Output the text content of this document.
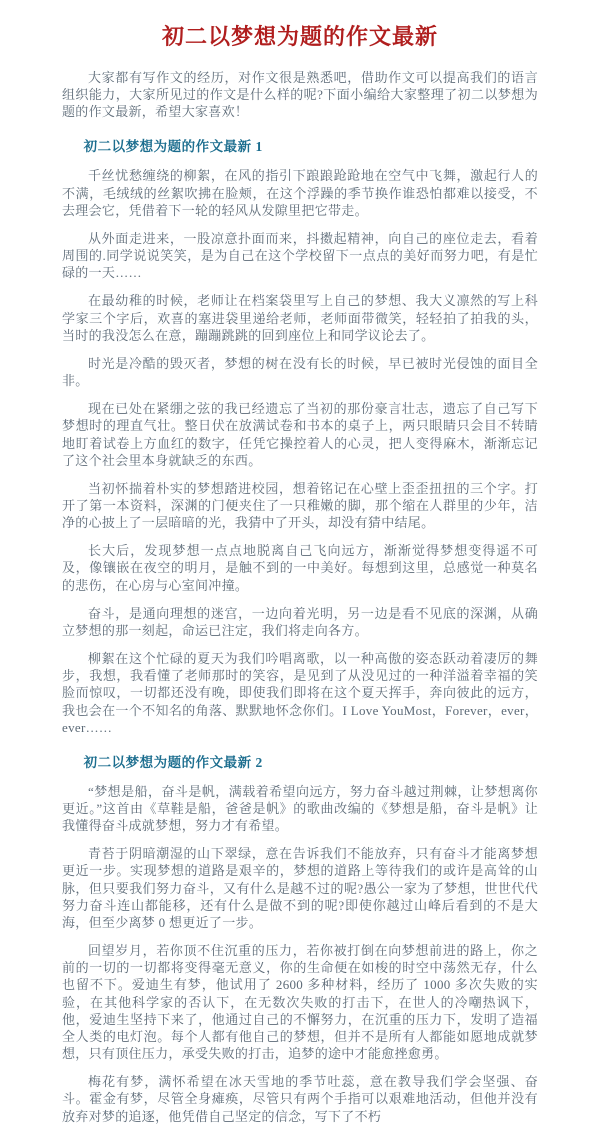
初二以梦想为题的作文最新

大家都有写作文的经历，对作文很是熟悉吧，借助作文可以提高我们的语言组织能力，大家所见过的作文是什么样的呢?下面小编给大家整理了初二以梦想为题的作文最新，希望大家喜欢！

初二以梦想为题的作文最新 1

千丝忧愁缠绕的柳絮，在风的指引下踉踉跄跄地在空气中飞舞，激起行人的不满，毛绒绒的丝絮吹拂在脸颊，在这个浮躁的季节换作谁恐怕都难以接受，不去理会它，凭借着下一轮的轻风从发隙里把它带走。

从外面走进来，一股凉意扑面而来，抖擞起精神，向自己的座位走去，看着周围的.同学说说笑笑，是为自己在这个学校留下一点点的美好而努力吧，有是忙碌的一天……

在最幼稚的时候，老师让在档案袋里写上自己的梦想、我大义凛然的写上科学家三个字后，欢喜的塞进袋里递给老师，老师面带微笑，轻轻拍了拍我的头，当时的我没怎么在意，蹦蹦跳跳的回到座位上和同学议论去了。

时光是冷酷的毁灭者，梦想的树在没有长的时候，早已被时光侵蚀的面目全非。

现在已处在紧绷之弦的我已经遗忘了当初的那份豪言壮志，遗忘了自己写下梦想时的理直气壮。整日伏在放满试卷和书本的桌子上，两只眼睛只会目不转睛地盯着试卷上方血红的数字，任凭它操控着人的心灵，把人变得麻木，渐渐忘记了这个社会里本身就缺乏的东西。

当初怀揣着朴实的梦想踏进校园，想着铭记在心壁上歪歪扭扭的三个字。打开了第一本资料，深渊的门便夹住了一只稚嫩的脚，那个缩在人群里的少年，洁净的心披上了一层暗暗的光，我猜中了开头，却没有猜中结尾。

长大后，发现梦想一点点地脱离自己飞向远方，渐渐觉得梦想变得遥不可及，像镶嵌在夜空的明月，是触不到的一中美好。每想到这里，总感觉一种莫名的悲伤，在心房与心室间冲撞。

奋斗，是通向理想的迷宫，一边向着光明，另一边是看不见底的深渊，从确立梦想的那一刻起，命运已注定，我们将走向各方。

柳絮在这个忙碌的夏天为我们吟唱离歌，以一种高傲的姿态跃动着凄厉的舞步，我想，我看懂了老师那时的笑容，是见到了从没见过的一种洋溢着幸福的笑脸而惊叹，一切都还没有晚，即使我们即将在这个夏天挥手，奔向彼此的远方，我也会在一个不知名的角落、默默地怀念你们。I Love YouMost，Forever，ever，ever……

初二以梦想为题的作文最新 2

“梦想是船，奋斗是帆，满载着希望向远方，努力奋斗越过荆棘，让梦想离你更近。”这首由《草鞋是船，爸爸是帆》的歌曲改编的《梦想是船，奋斗是帆》让我懂得奋斗成就梦想，努力才有希望。

青苔于阴暗潮湿的山下翠绿，意在告诉我们不能放弃，只有奋斗才能离梦想更近一步。实现梦想的道路是艰辛的，梦想的道路上等待我们的或许是高耸的山脉，但只要我们努力奋斗，又有什么是越不过的呢?愚公一家为了梦想，世世代代努力奋斗连山都能移，还有什么是做不到的呢?即使你越过山峰后看到的不是大海，但至少离梦 0 想更近了一步。

回望岁月，若你顶不住沉重的压力，若你被打倒在向梦想前进的路上，你之前的一切的一切都将变得毫无意义，你的生命便在如梭的时空中荡然无存，什么也留不下。爱迪生有梦，他试用了 2600 多种材料，经历了 1000 多次失败的实验，在其他科学家的否认下，在无数次失败的打击下，在世人的冷嘲热讽下，他，爱迪生坚持下来了，他通过自己的不懈努力，在沉重的压力下，发明了造福全人类的电灯泡。每个人都有他自己的梦想，但并不是所有人都能如愿地成就梦想，只有顶住压力，承受失败的打击，追梦的途中才能愈挫愈勇。

梅花有梦，满怀希望在冰天雪地的季节吐蕊，意在教导我们学会坚强、奋斗。霍金有梦，尽管全身瘫痪，尽管只有两个手指可以艰难地活动，但他并没有放弃对梦的追逐，他凭借自己坚定的信念，写下了不朽
